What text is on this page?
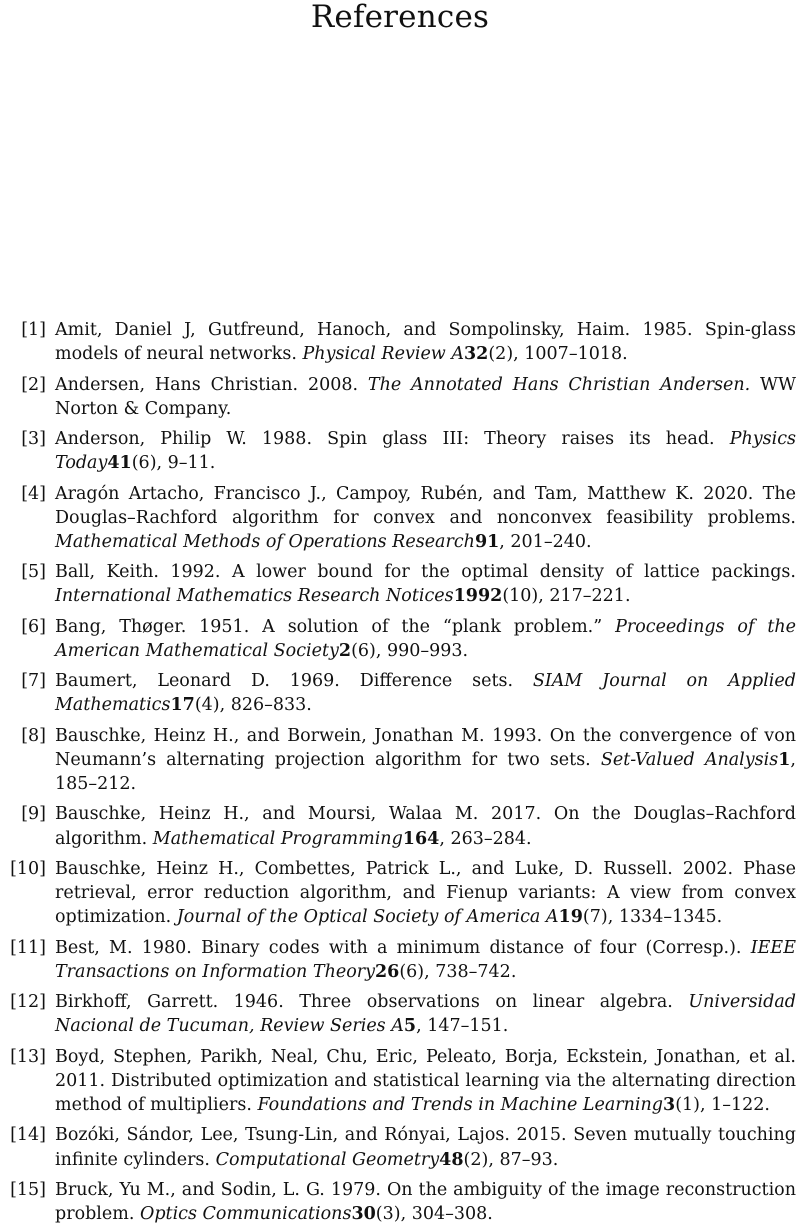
References
[1] Amit, Daniel J, Gutfreund, Hanoch, and Sompolinsky, Haim. 1985. Spin-glass models of neural networks. Physical Review A32(2), 1007–1018.
[2] Andersen, Hans Christian. 2008. The Annotated Hans Christian Andersen. WW Norton & Company.
[3] Anderson, Philip W. 1988. Spin glass III: Theory raises its head. Physics Today41(6), 9–11.
[4] Aragón Artacho, Francisco J., Campoy, Rubén, and Tam, Matthew K. 2020. The Douglas–Rachford algorithm for convex and nonconvex feasibility problems. Mathematical Methods of Operations Research91, 201–240.
[5] Ball, Keith. 1992. A lower bound for the optimal density of lattice packings. International Mathematics Research Notices1992(10), 217–221.
[6] Bang, Thøger. 1951. A solution of the “plank problem.” Proceedings of the American Mathematical Society2(6), 990–993.
[7] Baumert, Leonard D. 1969. Difference sets. SIAM Journal on Applied Mathematics17(4), 826–833.
[8] Bauschke, Heinz H., and Borwein, Jonathan M. 1993. On the convergence of von Neumann’s alternating projection algorithm for two sets. Set-Valued Analysis1, 185–212.
[9] Bauschke, Heinz H., and Moursi, Walaa M. 2017. On the Douglas–Rachford algorithm. Mathematical Programming164, 263–284.
[10] Bauschke, Heinz H., Combettes, Patrick L., and Luke, D. Russell. 2002. Phase retrieval, error reduction algorithm, and Fienup variants: A view from convex optimization. Journal of the Optical Society of America A19(7), 1334–1345.
[11] Best, M. 1980. Binary codes with a minimum distance of four (Corresp.). IEEE Transactions on Information Theory26(6), 738–742.
[12] Birkhoff, Garrett. 1946. Three observations on linear algebra. Universidad Nacional de Tucuman, Review Series A5, 147–151.
[13] Boyd, Stephen, Parikh, Neal, Chu, Eric, Peleato, Borja, Eckstein, Jonathan, et al. 2011. Distributed optimization and statistical learning via the alternating direction method of multipliers. Foundations and Trends in Machine Learning3(1), 1–122.
[14] Bozóki, Sándor, Lee, Tsung-Lin, and Rónyai, Lajos. 2015. Seven mutually touching infinite cylinders. Computational Geometry48(2), 87–93.
[15] Bruck, Yu M., and Sodin, L. G. 1979. On the ambiguity of the image reconstruction problem. Optics Communications30(3), 304–308.
